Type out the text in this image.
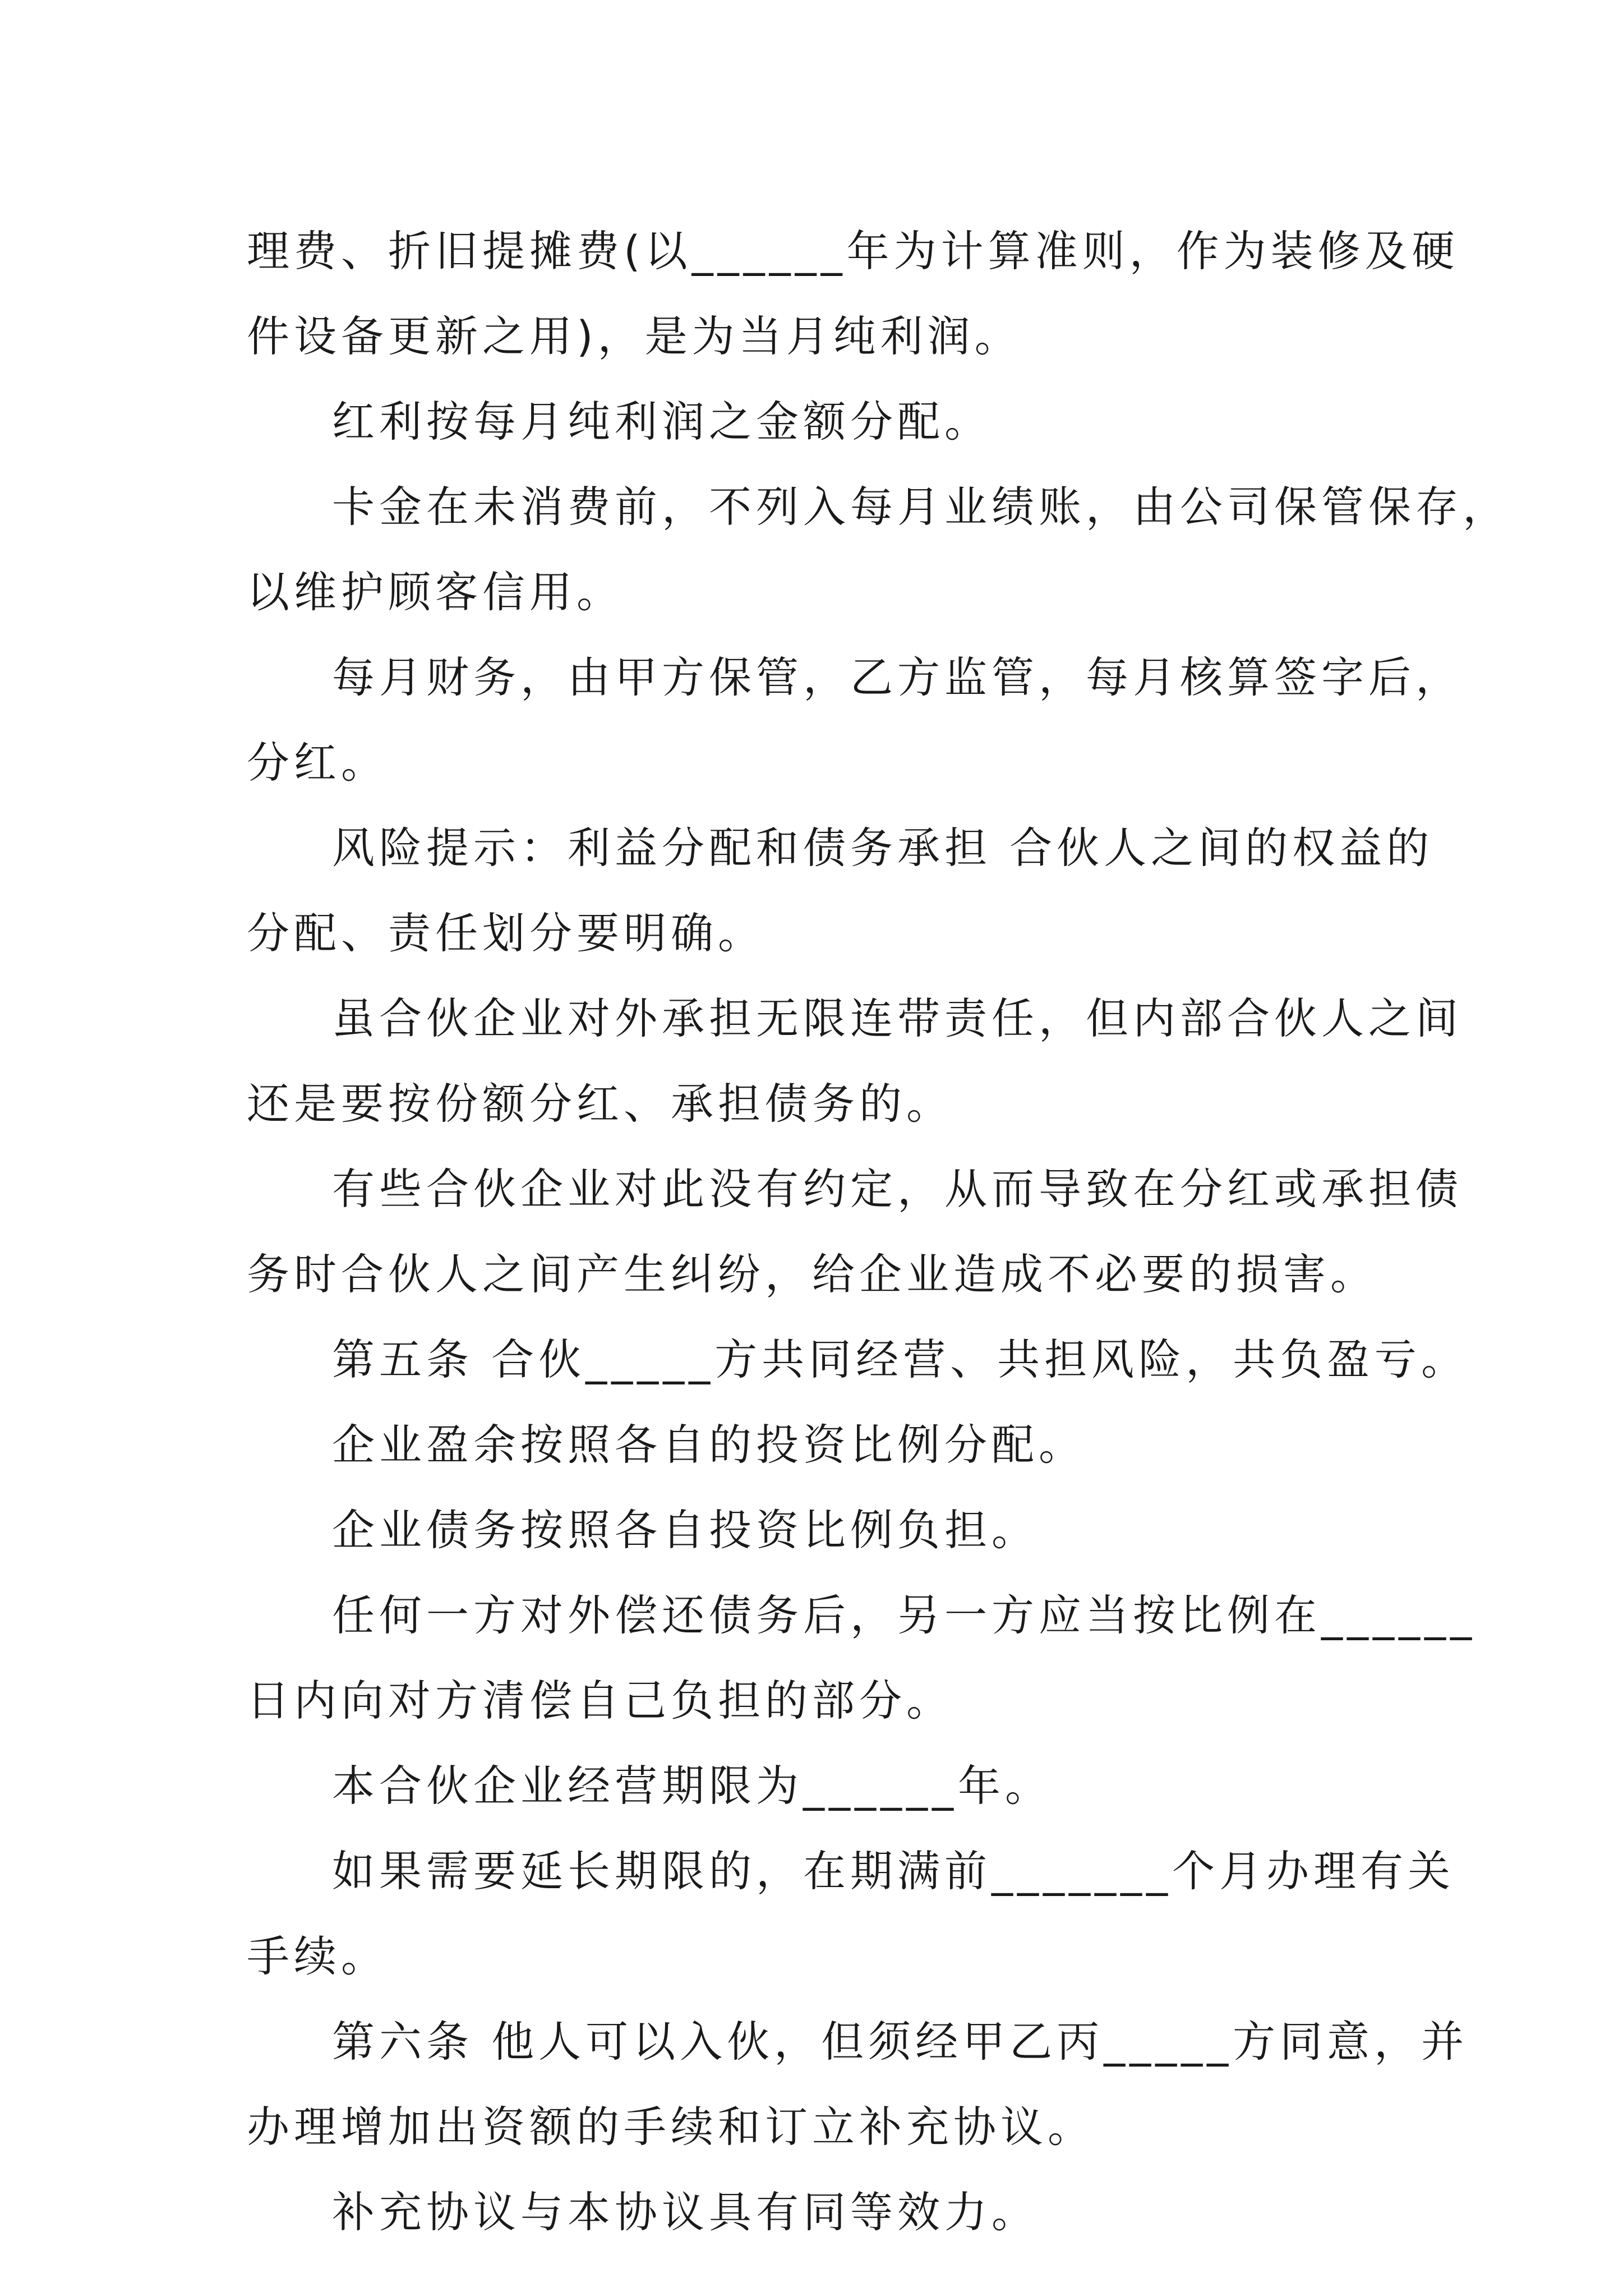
理费、折旧提摊费(以______年为计算准则，作为装修及硬

件设备更新之用)，是为当月纯利润。

红利按每月纯利润之金额分配。

卡金在未消费前，不列入每月业绩账，由公司保管保存，

以维护顾客信用。

每月财务，由甲方保管，乙方监管，每月核算签字后，

分红。

风险提示：利益分配和债务承担 合伙人之间的权益的

分配、责任划分要明确。

虽合伙企业对外承担无限连带责任，但内部合伙人之间

还是要按份额分红、承担债务的。

有些合伙企业对此没有约定，从而导致在分红或承担债

务时合伙人之间产生纠纷，给企业造成不必要的损害。

第五条 合伙_____方共同经营、共担风险，共负盈亏。

企业盈余按照各自的投资比例分配。

企业债务按照各自投资比例负担。

任何一方对外偿还债务后，另一方应当按比例在______

日内向对方清偿自己负担的部分。

本合伙企业经营期限为______年。

如果需要延长期限的，在期满前_______个月办理有关

手续。

第六条 他人可以入伙，但须经甲乙丙_____方同意，并

办理增加出资额的手续和订立补充协议。

补充协议与本协议具有同等效力。
